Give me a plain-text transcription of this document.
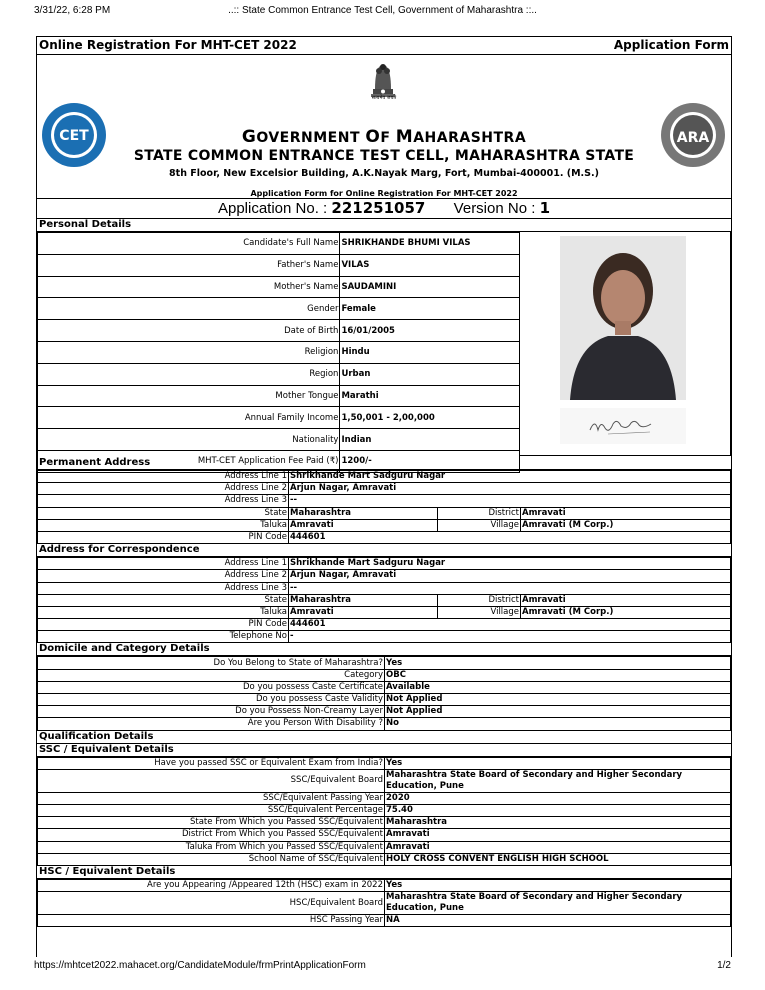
3/31/22, 6:28 PM	..:: State Common Entrance Test Cell, Government of Maharashtra ::..
Online Registration For MHT-CET 2022	Application Form
सत्यमेव जयते
CET	ARA
GOVERNMENT OF MAHARASHTRA
STATE COMMON ENTRANCE TEST CELL, MAHARASHTRA STATE
8th Floor, New Excelsior Building, A.K.Nayak Marg, Fort, Mumbai-400001. (M.S.)
Application Form for Online Registration For MHT-CET 2022
Application No. : 221251057 Version No : 1
Personal Details
Candidate's Full Name	SHRIKHANDE BHUMI VILAS
Father's Name	VILAS
Mother's Name	SAUDAMINI
Gender	Female
Date of Birth	16/01/2005
Religion	Hindu
Region	Urban
Mother Tongue	Marathi
Annual Family Income	1,50,001 - 2,00,000
Nationality	Indian
MHT-CET Application Fee Paid (₹)	1200/-
Permanent Address
Address Line 1	Shrikhande Mart Sadguru Nagar		
Address Line 2	Arjun Nagar, Amravati		
Address Line 3	--		
State	Maharashtra	District	Amravati
Taluka	Amravati	Village	Amravati (M Corp.)
PIN Code	444601		
Address for Correspondence
Address Line 1	Shrikhande Mart Sadguru Nagar		
Address Line 2	Arjun Nagar, Amravati		
Address Line 3	--		
State	Maharashtra	District	Amravati
Taluka	Amravati	Village	Amravati (M Corp.)
PIN Code	444601		
Telephone No	-		
Domicile and Category Details
Do You Belong to State of Maharashtra?	Yes
Category	OBC
Do you possess Caste Certificate	Available
Do you possess Caste Validity	Not Applied
Do you Possess Non-Creamy Layer	Not Applied
Are you Person With Disability ?	No
Qualification Details
SSC / Equivalent Details
Have you passed SSC or Equivalent Exam from India?	Yes
SSC/Equivalent Board	Maharashtra State Board of Secondary and Higher Secondary Education, Pune
SSC/Equivalent Passing Year	2020
SSC/Equivalent Percentage	75.40
State From Which you Passed SSC/Equivalent	Maharashtra
District From Which you Passed SSC/Equivalent	Amravati
Taluka From Which you Passed SSC/Equivalent	Amravati
School Name of SSC/Equivalent	HOLY CROSS CONVENT ENGLISH HIGH SCHOOL
HSC / Equivalent Details
Are you Appearing /Appeared 12th (HSC) exam in 2022	Yes
HSC/Equivalent Board	Maharashtra State Board of Secondary and Higher Secondary Education, Pune
HSC Passing Year	NA
https://mhtcet2022.mahacet.org/CandidateModule/frmPrintApplicationForm	1/2
